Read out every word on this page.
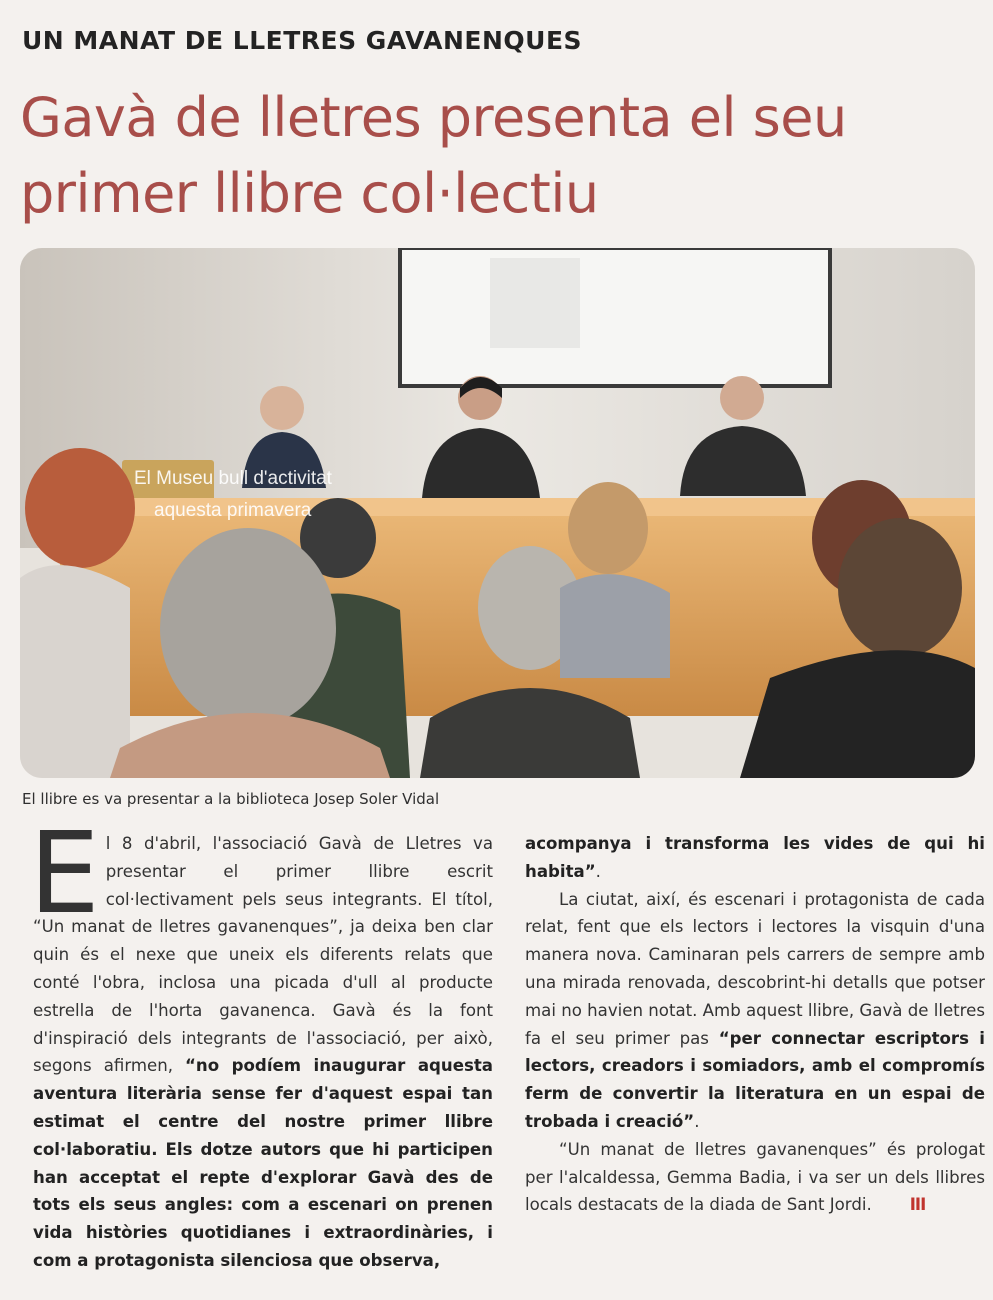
UN MANAT DE LLETRES GAVANENQUES
Gavà de lletres presenta el seu primer llibre col·lectiu
El Museu bull d'activitat
aquesta primavera
El llibre es va presentar a la biblioteca Josep Soler Vidal

El 8 d'abril, l'associació Gavà de Lletres va presentar el primer llibre escrit col·lectivament pels seus integrants. El títol, “Un manat de lletres gavanenques”, ja deixa ben clar quin és el nexe que uneix els diferents relats que conté l'obra, inclosa una picada d'ull al producte estrella de l'horta gavanenca. Gavà és la font d'inspiració dels integrants de l'associació, per això, segons afirmen, “no podíem inaugurar aquesta aventura literària sense fer d'aquest espai tan estimat el centre del nostre primer llibre col·laboratiu. Els dotze autors que hi participen han acceptat el repte d'explorar Gavà des de tots els seus angles: com a escenari on prenen vida històries quotidianes i extraordinàries, i com a protagonista silenciosa que observa,

acompanya i transforma les vides de qui hi habita”.

La ciutat, així, és escenari i protagonista de cada relat, fent que els lectors i lectores la visquin d'una manera nova. Caminaran pels carrers de sempre amb una mirada renovada, descobrint-hi detalls que potser mai no havien notat. Amb aquest llibre, Gavà de lletres fa el seu primer pas “per connectar escriptors i lectors, creadors i somiadors, amb el compromís ferm de convertir la literatura en un espai de trobada i creació”.

“Un manat de lletres gavanenques” és prologat per l'alcaldessa, Gemma Badia, i va ser un dels llibres locals destacats de la diada de Sant Jordi. III
